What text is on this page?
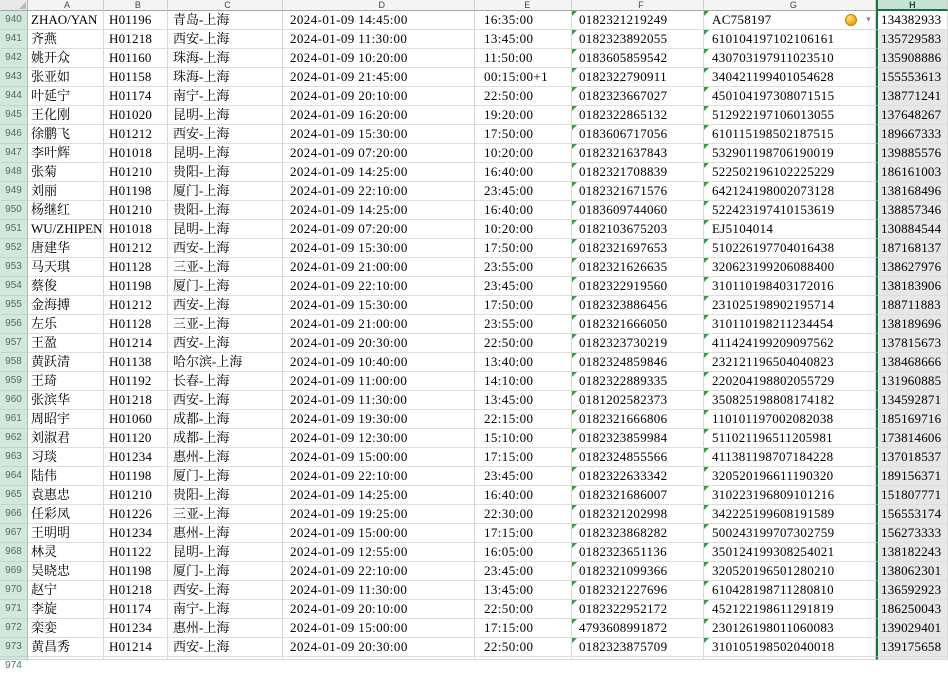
A	B	C	D	E	F	G	H
940 ZHAO/YAN H01196	青岛-上海	2024-01-09 14:45:00	16:35:00	0182321219249	AC758197	▾ 134382933
941 齐燕	H01218	西安-上海	2024-01-09 11:30:00	13:45:00	0182323892055	610104197102106161	135729583
942 姚开众	H01160	珠海-上海	2024-01-09 10:20:00	11:50:00	0183605859542	430703197911023510	135908886
943 张亚如	H01158	珠海-上海	2024-01-09 21:45:00	00:15:00+1	0182322790911	340421199401054628	155553613
944 叶延宁	H01174	南宁-上海	2024-01-09 20:10:00	22:50:00	0182323667027	450104197308071515	138771241
945 王化刚	H01020	昆明-上海	2024-01-09 16:20:00	19:20:00	0182322865132	512922197106013055	137648267
946 徐鹏飞	H01212	西安-上海	2024-01-09 15:30:00	17:50:00	0183606717056	610115198502187515	189667333
947 李叶辉	H01018	昆明-上海	2024-01-09 07:20:00	10:20:00	0182321637843	532901198706190019	139885576
948 张菊	H01210	贵阳-上海	2024-01-09 14:25:00	16:40:00	0182321708839	522502196102225229	186161003
949 刘丽	H01198	厦门-上海	2024-01-09 22:10:00	23:45:00	0182321671576	642124198002073128	138168496
950 杨继红	H01210	贵阳-上海	2024-01-09 14:25:00	16:40:00	0183609744060	522423197410153619	138857346
951 WU/ZHIPEN H01018	昆明-上海	2024-01-09 07:20:00	10:20:00	0182103675203	EJ5104014	130884544
952 唐建华	H01212	西安-上海	2024-01-09 15:30:00	17:50:00	0182321697653	510226197704016438	187168137
953 马天琪	H01128	三亚-上海	2024-01-09 21:00:00	23:55:00	0182321626635	320623199206088400	138627976
954 蔡俊	H01198	厦门-上海	2024-01-09 22:10:00	23:45:00	0182322919560	310110198403172016	138183906
955 金海搏	H01212	西安-上海	2024-01-09 15:30:00	17:50:00	0182323886456	231025198902195714	188711883
956 左乐	H01128	三亚-上海	2024-01-09 21:00:00	23:55:00	0182321666050	310110198211234454	138189696
957 王盈	H01214	西安-上海	2024-01-09 20:30:00	22:50:00	0182323730219	411424199209097562	137815673
958 黄跃清	H01138	哈尔滨-上海	2024-01-09 10:40:00	13:40:00	0182324859846	232121196504040823	138468666
959 王琦	H01192	长春-上海	2024-01-09 11:00:00	14:10:00	0182322889335	220204198802055729	131960885
960 张滨华	H01218	西安-上海	2024-01-09 11:30:00	13:45:00	0181202582373	350825198808174182	134592871
961 周昭宇	H01060	成都-上海	2024-01-09 19:30:00	22:15:00	0182321666806	110101197002082038	185169716
962 刘淑君	H01120	成都-上海	2024-01-09 12:30:00	15:10:00	0182323859984	511021196511205981	173814606
963 习琰	H01234	惠州-上海	2024-01-09 15:00:00	17:15:00	0182324855566	411381198707184228	137018537
964 陆伟	H01198	厦门-上海	2024-01-09 22:10:00	23:45:00	0182322633342	320520196611190320	189156371
965 袁惠忠	H01210	贵阳-上海	2024-01-09 14:25:00	16:40:00	0182321686007	310223196809101216	151807771
966 任彩凤	H01226	三亚-上海	2024-01-09 19:25:00	22:30:00	0182321202998	342225199608191589	156553174
967 王明明	H01234	惠州-上海	2024-01-09 15:00:00	17:15:00	0182323868282	500243199707302759	156273333
968 林灵	H01122	昆明-上海	2024-01-09 12:55:00	16:05:00	0182323651136	350124199308254021	138182243
969 吴晓忠	H01198	厦门-上海	2024-01-09 22:10:00	23:45:00	0182321099366	320520196501280210	138062301
970 赵宁	H01218	西安-上海	2024-01-09 11:30:00	13:45:00	0182321227696	610428198711280810	136592923
971 李旋	H01174	南宁-上海	2024-01-09 20:10:00	22:50:00	0182322952172	452122198611291819	186250043
972 栾娈	H01234	惠州-上海	2024-01-09 15:00:00	17:15:00	4793608991872	230126198011060083	139029401
973 黄昌秀	H01214	西安-上海	2024-01-09 20:30:00	22:50:00	0182323875709	310105198502040018	139175658
974
